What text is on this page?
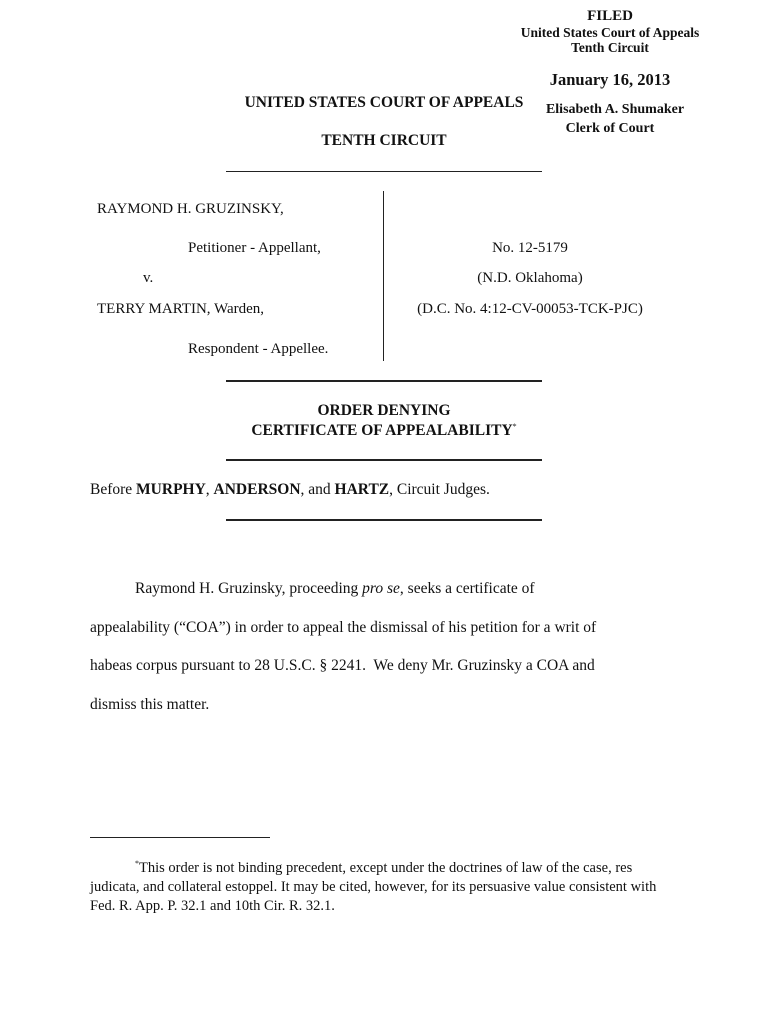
FILED
United States Court of Appeals
Tenth Circuit
January 16, 2013
Elisabeth A. Shumaker
Clerk of Court
UNITED STATES COURT OF APPEALS
TENTH CIRCUIT
RAYMOND H. GRUZINSKY,
Petitioner - Appellant,
v.
TERRY MARTIN, Warden,
Respondent - Appellee.
No. 12-5179
(N.D. Oklahoma)
(D.C. No. 4:12-CV-00053-TCK-PJC)
ORDER DENYING
CERTIFICATE OF APPEALABILITY*
Before MURPHY, ANDERSON, and HARTZ, Circuit Judges.
Raymond H. Gruzinsky, proceeding pro se, seeks a certificate of
appealability (“COA”) in order to appeal the dismissal of his petition for a writ of
habeas corpus pursuant to 28 U.S.C. § 2241.  We deny Mr. Gruzinsky a COA and
dismiss this matter.
*This order is not binding precedent, except under the doctrines of law of the case, res judicata, and collateral estoppel. It may be cited, however, for its persuasive value consistent with Fed. R. App. P. 32.1 and 10th Cir. R. 32.1.
